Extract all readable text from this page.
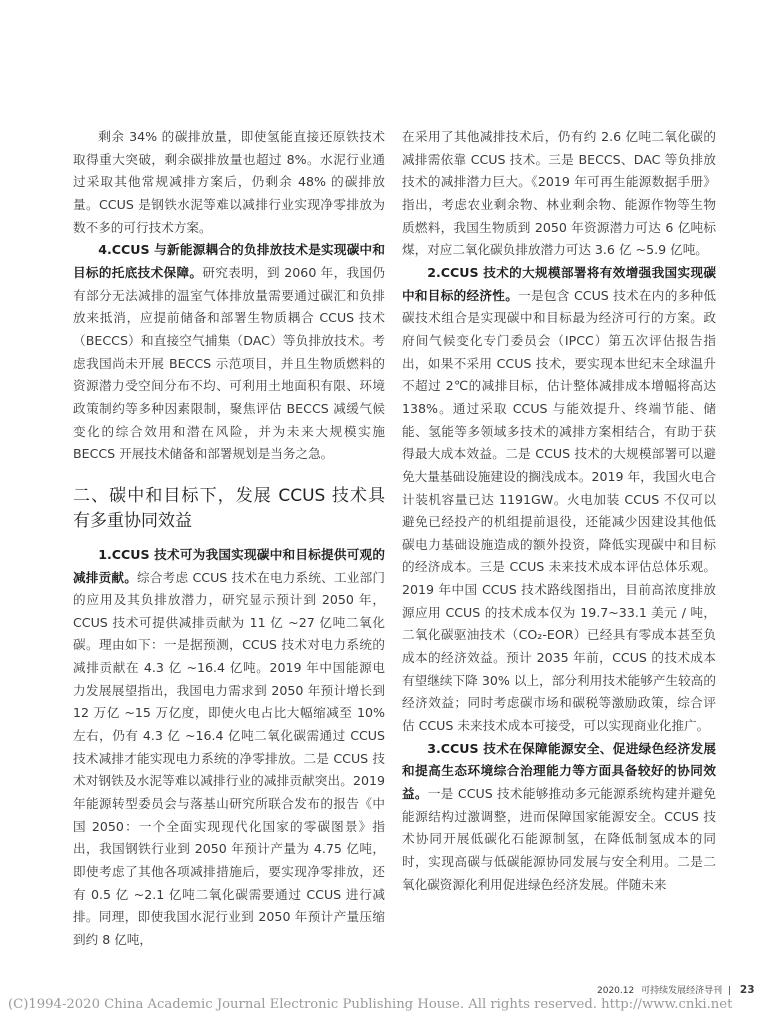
剩余 34% 的碳排放量，即使氢能直接还原铁技术取得重大突破，剩余碳排放量也超过 8%。水泥行业通过采取其他常规减排方案后，仍剩余 48% 的碳排放量。CCUS 是钢铁水泥等难以减排行业实现净零排放为数不多的可行技术方案。

4.CCUS 与新能源耦合的负排放技术是实现碳中和目标的托底技术保障。研究表明，到 2060 年，我国仍有部分无法减排的温室气体排放量需要通过碳汇和负排放来抵消，应提前储备和部署生物质耦合 CCUS 技术（BECCS）和直接空气捕集（DAC）等负排放技术。考虑我国尚未开展 BECCS 示范项目，并且生物质燃料的资源潜力受空间分布不均、可利用土地面积有限、环境政策制约等多种因素限制，聚焦评估 BECCS 减缓气候变化的综合效用和潜在风险，并为未来大规模实施 BECCS 开展技术储备和部署规划是当务之急。

二、碳中和目标下，发展 CCUS 技术具有多重协同效益

1.CCUS 技术可为我国实现碳中和目标提供可观的减排贡献。综合考虑 CCUS 技术在电力系统、工业部门的应用及其负排放潜力，研究显示预计到 2050 年，CCUS 技术可提供减排贡献为 11 亿 ~27 亿吨二氧化碳。理由如下：一是据预测，CCUS 技术对电力系统的减排贡献在 4.3 亿 ~16.4 亿吨。2019 年中国能源电力发展展望指出，我国电力需求到 2050 年预计增长到 12 万亿 ~15 万亿度，即使火电占比大幅缩减至 10% 左右，仍有 4.3 亿 ~16.4 亿吨二氧化碳需通过 CCUS 技术减排才能实现电力系统的净零排放。二是 CCUS 技术对钢铁及水泥等难以减排行业的减排贡献突出。2019 年能源转型委员会与落基山研究所联合发布的报告《中国 2050：一个全面实现现代化国家的零碳图景》指出，我国钢铁行业到 2050 年预计产量为 4.75 亿吨，即使考虑了其他各项减排措施后，要实现净零排放，还有 0.5 亿 ~2.1 亿吨二氧化碳需要通过 CCUS 进行减排。同理，即使我国水泥行业到 2050 年预计产量压缩到约 8 亿吨，

在采用了其他减排技术后，仍有约 2.6 亿吨二氧化碳的减排需依靠 CCUS 技术。三是 BECCS、DAC 等负排放技术的减排潜力巨大。《2019 年可再生能源数据手册》指出，考虑农业剩余物、林业剩余物、能源作物等生物质燃料，我国生物质到 2050 年资源潜力可达 6 亿吨标煤，对应二氧化碳负排放潜力可达 3.6 亿 ~5.9 亿吨。

2.CCUS 技术的大规模部署将有效增强我国实现碳中和目标的经济性。一是包含 CCUS 技术在内的多种低碳技术组合是实现碳中和目标最为经济可行的方案。政府间气候变化专门委员会（IPCC）第五次评估报告指出，如果不采用 CCUS 技术，要实现本世纪末全球温升不超过 2℃的减排目标，估计整体减排成本增幅将高达 138%。通过采取 CCUS 与能效提升、终端节能、储能、氢能等多领域多技术的减排方案相结合，有助于获得最大成本效益。二是 CCUS 技术的大规模部署可以避免大量基础设施建设的搁浅成本。2019 年，我国火电合计装机容量已达 1191GW。火电加装 CCUS 不仅可以避免已经投产的机组提前退役，还能减少因建设其他低碳电力基础设施造成的额外投资，降低实现碳中和目标的经济成本。三是 CCUS 未来技术成本评估总体乐观。2019 年中国 CCUS 技术路线图指出，目前高浓度排放源应用 CCUS 的技术成本仅为 19.7~33.1 美元 / 吨，二氧化碳驱油技术（CO₂-EOR）已经具有零成本甚至负成本的经济效益。预计 2035 年前，CCUS 的技术成本有望继续下降 30% 以上，部分利用技术能够产生较高的经济效益；同时考虑碳市场和碳税等激励政策，综合评估 CCUS 未来技术成本可接受，可以实现商业化推广。

3.CCUS 技术在保障能源安全、促进绿色经济发展和提高生态环境综合治理能力等方面具备较好的协同效益。一是 CCUS 技术能够推动多元能源系统构建并避免能源结构过激调整，进而保障国家能源安全。CCUS 技术协同开展低碳化石能源制氢，在降低制氢成本的同时，实现高碳与低碳能源协同发展与安全利用。二是二氧化碳资源化利用促进绿色经济发展。伴随未来

2020.12 可持续发展经济导刊 | 23
(C)1994-2020 China Academic Journal Electronic Publishing House. All rights reserved. http://www.cnki.net
